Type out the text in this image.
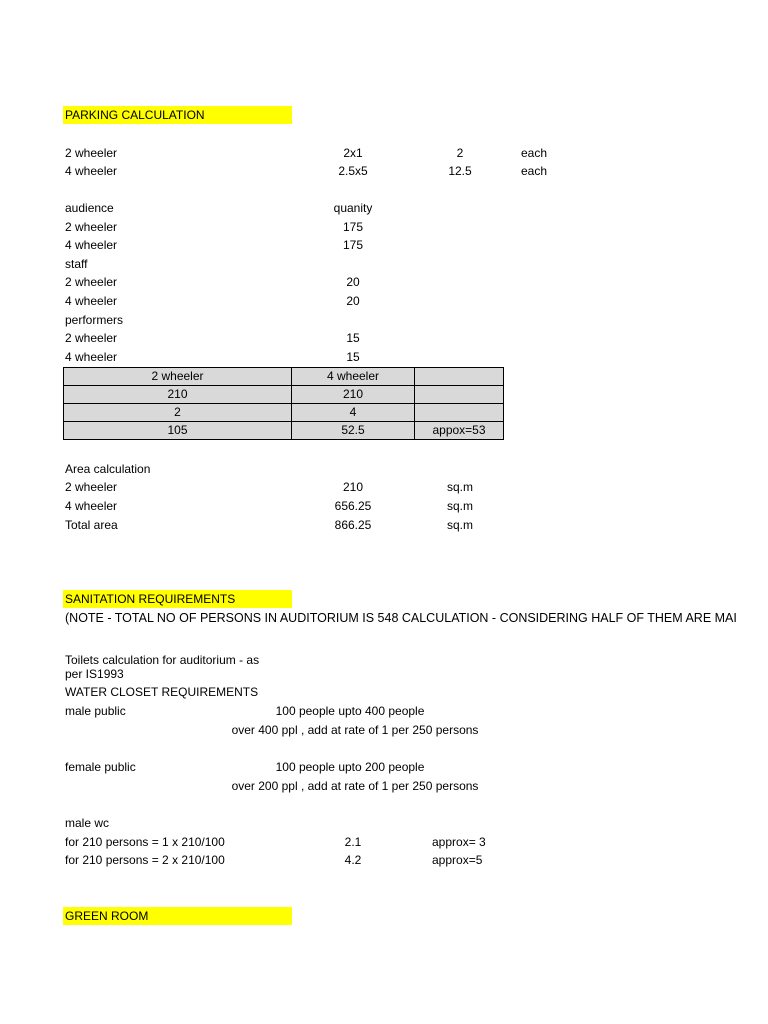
PARKING CALCULATION
2 wheeler	2x1	2	each
4 wheeler	2.5x5	12.5	each
audience	quanity
2 wheeler	175
4 wheeler	175
staff
2 wheeler	20
4 wheeler	20
performers
2 wheeler	15
4 wheeler	15
2 wheeler	4 wheeler	
210	210	
2	4	
105	52.5	appox=53
Area calculation
2 wheeler	210	sq.m
4 wheeler	656.25	sq.m
Total area	866.25	sq.m
SANITATION REQUIREMENTS
(NOTE - TOTAL NO OF PERSONS IN AUDITORIUM IS 548 CALCULATION - CONSIDERING HALF OF THEM ARE MAI
Toilets calculation for auditorium - as
per IS1993
WATER CLOSET REQUIREMENTS
male public	100 people upto 400 people
over 400 ppl , add at rate of 1 per 250 persons
female public	100 people upto 200 people
over 200 ppl , add at rate of 1 per 250 persons
male wc
for 210 persons = 1 x 210/100	2.1	approx= 3
for 210 persons = 2 x 210/100	4.2	approx=5
GREEN ROOM
